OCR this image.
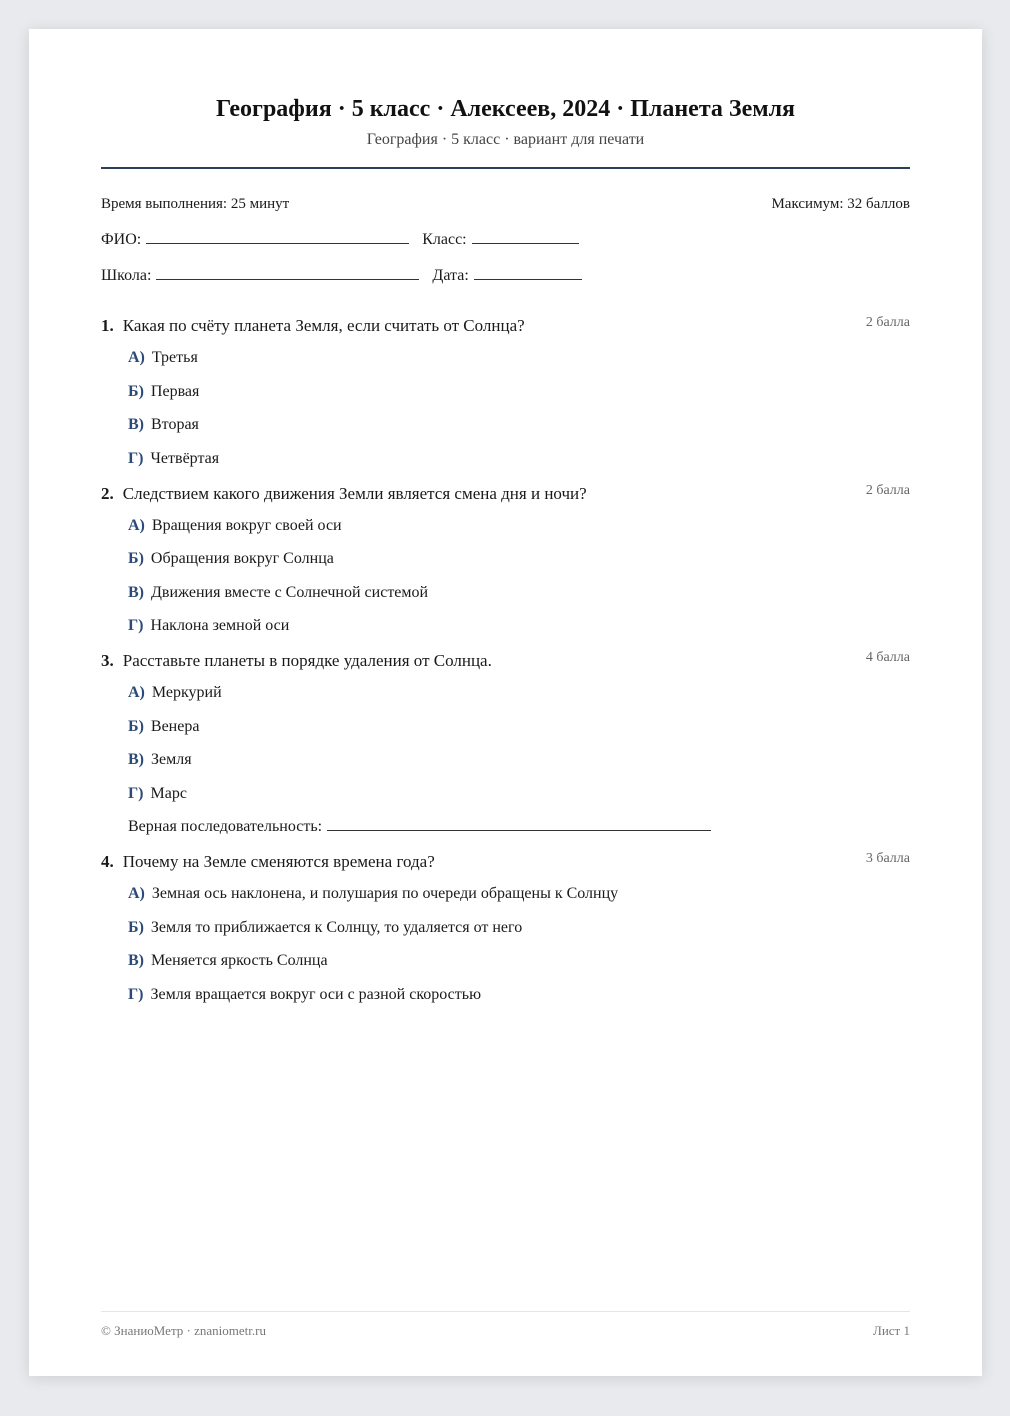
География · 5 класс · Алексеев, 2024 · Планета Земля
География · 5 класс · вариант для печати
Время выполнения: 25 минут	Максимум: 32 баллов
ФИО:	Класс:
Школа:	Дата:
1. Какая по счёту планета Земля, если считать от Солнца?	2 балла
А) Третья
Б) Первая
В) Вторая
Г) Четвёртая
2. Следствием какого движения Земли является смена дня и ночи?	2 балла
А) Вращения вокруг своей оси
Б) Обращения вокруг Солнца
В) Движения вместе с Солнечной системой
Г) Наклона земной оси
3. Расставьте планеты в порядке удаления от Солнца.	4 балла
А) Меркурий
Б) Венера
В) Земля
Г) Марс
Верная последовательность:
4. Почему на Земле сменяются времена года?	3 балла
А) Земная ось наклонена, и полушария по очереди обращены к Солнцу
Б) Земля то приближается к Солнцу, то удаляется от него
В) Меняется яркость Солнца
Г) Земля вращается вокруг оси с разной скоростью
© ЗнаниоМетр · znaniometr.ru	Лист 1
